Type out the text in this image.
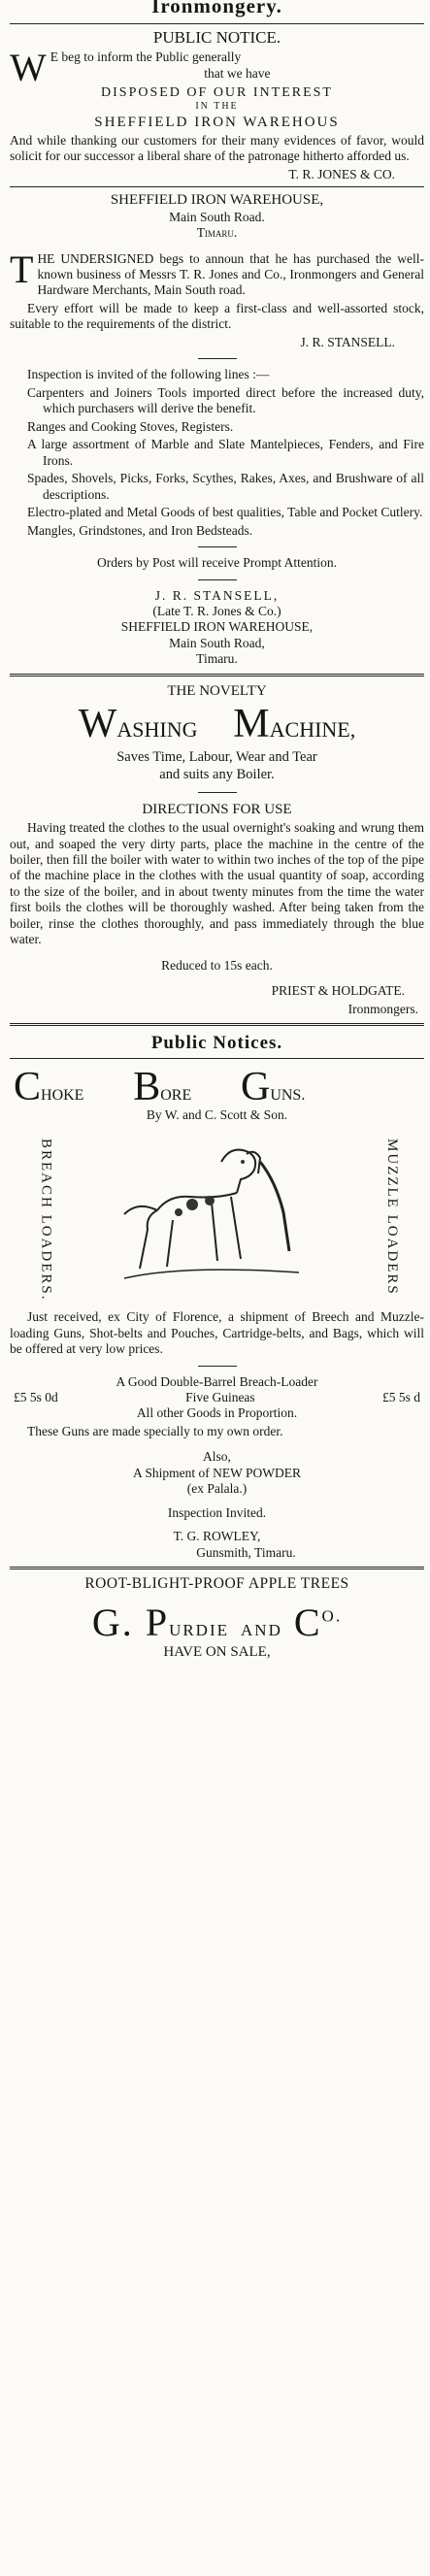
Ironmongery.
PUBLIC NOTICE.
W E beg to inform the Public generally
that we have
DISPOSED OF OUR INTEREST
IN THE
SHEFFIELD IRON WAREHOUS
And while thanking our customers for their many evidences of favor, would solicit for our successor a liberal share of the patronage hitherto afforded us.
T. R. JONES & CO.
SHEFFIELD IRON WAREHOUSE,
Main South Road.
Timaru.
T HE UNDERSIGNED begs to announ that he has purchased the well-known business of Messrs T. R. Jones and Co., Ironmongers and General Hardware Merchants, Main South road.
Every effort will be made to keep a first-class and well-assorted stock, suitable to the requirements of the district.
J. R. STANSELL.
Inspection is invited of the following lines :—
Carpenters and Joiners Tools imported direct before the increased duty, which purchasers will derive the benefit.
Ranges and Cooking Stoves, Registers.
A large assortment of Marble and Slate Mantelpieces, Fenders, and Fire Irons.
Spades, Shovels, Picks, Forks, Scythes, Rakes, Axes, and Brushware of all descriptions.
Electro-plated and Metal Goods of best qualities, Table and Pocket Cutlery.
Mangles, Grindstones, and Iron Bedsteads.
Orders by Post will receive Prompt Attention.
J. R. STANSELL,
(Late T. R. Jones & Co.)
SHEFFIELD IRON WAREHOUSE,
Main South Road,
Timaru.
THE NOVELTY
WASHING MACHINE,
Saves Time, Labour, Wear and Tear
and suits any Boiler.
DIRECTIONS FOR USE
Having treated the clothes to the usual overnight's soaking and wrung them out, and soaped the very dirty parts, place the machine in the centre of the boiler, then fill the boiler with water to within two inches of the top of the pipe of the machine place in the clothes with the usual quantity of soap, according to the size of the boiler, and in about twenty minutes from the time the water first boils the clothes will be thoroughly washed. After being taken from the boiler, rinse the clothes thoroughly, and pass immediately through the blue water.
Reduced to 15s each.
PRIEST & HOLDGATE.
Ironmongers.
Public Notices.
CHOKE BORE GUNS.
By W. and C. Scott & Son.
BREACH LOADERS.	MUZZLE LOADERS
Just received, ex City of Florence, a shipment of Breech and Muzzle-loading Guns, Shot-belts and Pouches, Cartridge-belts, and Bags, which will be offered at very low prices.
A Good Double-Barrel Breach-Loader
£5 5s 0d	Five Guineas	£5 5s d
All other Goods in Proportion.
These Guns are made specially to my own order.
Also,
A Shipment of NEW POWDER
(ex Palala.)
Inspection Invited.
T. G. ROWLEY,
Gunsmith, Timaru.
ROOT-BLIGHT-PROOF APPLE TREES
G. PURDIE AND $C^{O.}$
HAVE ON SALE,
